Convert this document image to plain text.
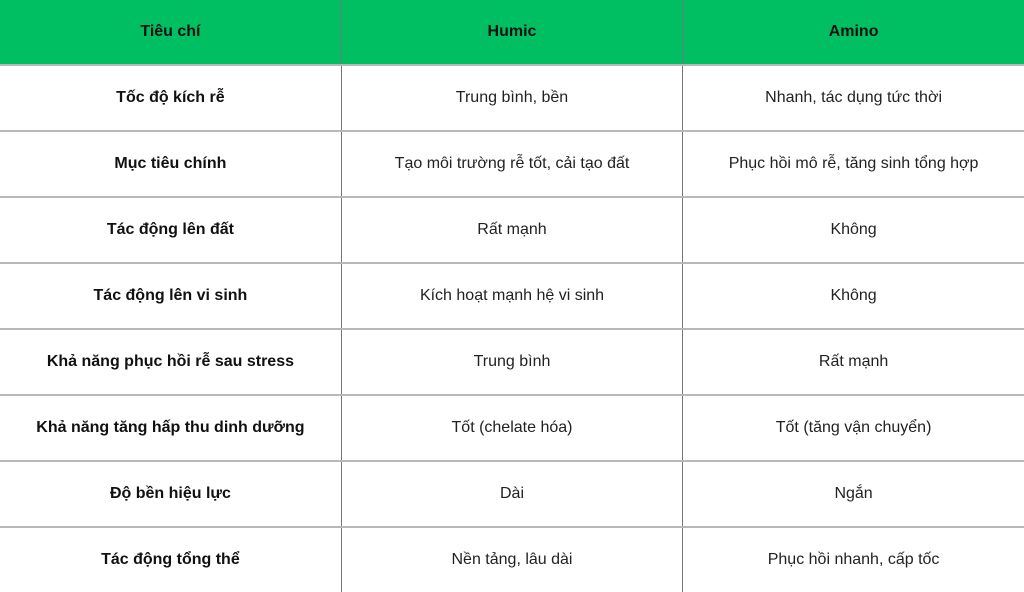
Tiêu chí	Humic	Amino
Tốc độ kích rễ	Trung bình, bền	Nhanh, tác dụng tức thời
Mục tiêu chính	Tạo môi trường rễ tốt, cải tạo đất	Phục hồi mô rễ, tăng sinh tổng hợp
Tác động lên đất	Rất mạnh	Không
Tác động lên vi sinh	Kích hoạt mạnh hệ vi sinh	Không
Khả năng phục hồi rễ sau stress	Trung bình	Rất mạnh
Khả năng tăng hấp thu dinh dưỡng	Tốt (chelate hóa)	Tốt (tăng vận chuyển)
Độ bền hiệu lực	Dài	Ngắn
Tác động tổng thể	Nền tảng, lâu dài	Phục hồi nhanh, cấp tốc
